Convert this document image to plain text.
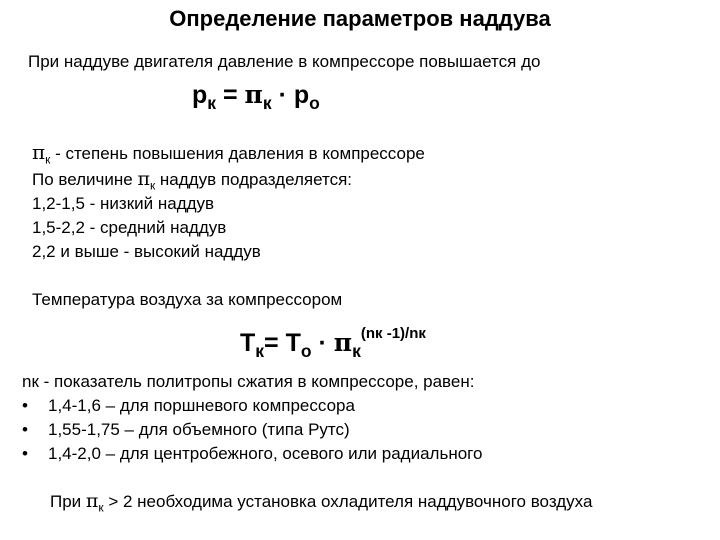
Определение параметров наддува
При наддуве двигателя давление в компрессоре повышается до
$p_к = \pi_к \cdot p_o$
$\pi_к$ - степень повышения давления в компрессоре
По величине $\pi_к$ наддув подразделяется:
1,2-1,5 - низкий наддув
1,5-2,2 - средний наддув
2,2 и выше - высокий наддув
Температура воздуха за компрессором
$T_к= T_o \cdot \pi_к^{(nк -1)/nк}$
nк - показатель политропы сжатия в компрессоре, равен:
• 1,4-1,6 – для поршневого компрессора
• 1,55-1,75 – для объемного (типа Рутс)
• 1,4-2,0 – для центробежного, осевого или радиального
При $\pi_к > 2$ необходима установка охладителя наддувочного воздуха
